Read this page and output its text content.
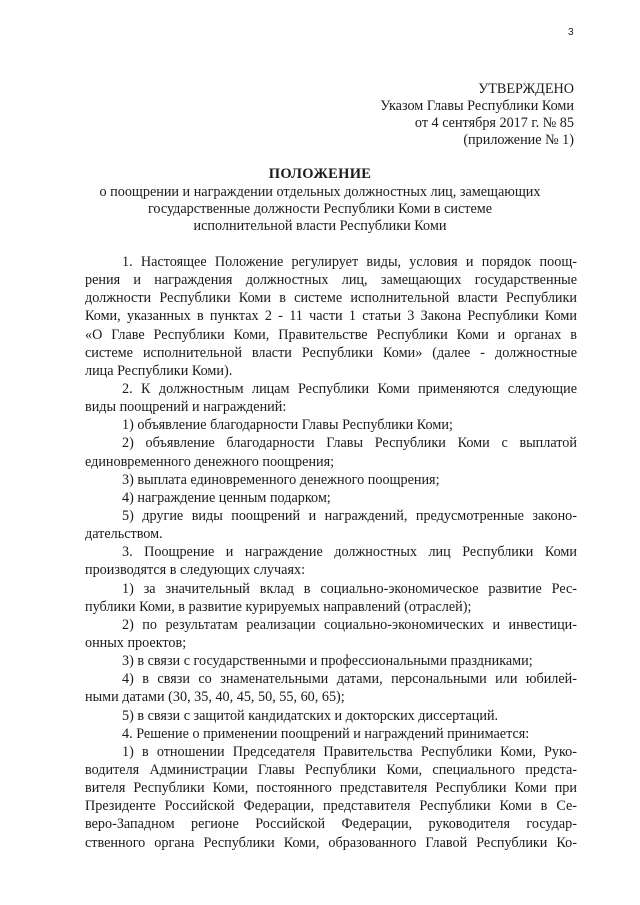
3
УТВЕРЖДЕНО
Указом Главы Республики Коми
от 4 сентября 2017 г. № 85
(приложение № 1)
ПОЛОЖЕНИЕ
о поощрении и награждении отдельных должностных лиц, замещающих
государственные должности Республики Коми в системе
исполнительной власти Республики Коми
1. Настоящее Положение регулирует виды, условия и порядок поощ-
рения и награждения должностных лиц, замещающих государственные
должности Республики Коми в системе исполнительной власти Республики
Коми, указанных в пунктах 2 - 11 части 1 статьи 3 Закона Республики Коми
«О Главе Республики Коми, Правительстве Республики Коми и органах в
системе исполнительной власти Республики Коми» (далее - должностные
лица Республики Коми).
2. К должностным лицам Республики Коми применяются следующие
виды поощрений и награждений:
1) объявление благодарности Главы Республики Коми;
2) объявление благодарности Главы Республики Коми с выплатой
единовременного денежного поощрения;
3) выплата единовременного денежного поощрения;
4) награждение ценным подарком;
5) другие виды поощрений и награждений, предусмотренные законо-
дательством.
3. Поощрение и награждение должностных лиц Республики Коми
производятся в следующих случаях:
1) за значительный вклад в социально-экономическое развитие Рес-
публики Коми, в развитие курируемых направлений (отраслей);
2) по результатам реализации социально-экономических и инвестици-
онных проектов;
3) в связи с государственными и профессиональными праздниками;
4) в связи со знаменательными датами, персональными или юбилей-
ными датами (30, 35, 40, 45, 50, 55, 60, 65);
5) в связи с защитой кандидатских и докторских диссертаций.
4. Решение о применении поощрений и награждений принимается:
1) в отношении Председателя Правительства Республики Коми, Руко-
водителя Администрации Главы Республики Коми, специального предста-
вителя Республики Коми, постоянного представителя Республики Коми при
Президенте Российской Федерации, представителя Республики Коми в Се-
веро-Западном регионе Российской Федерации, руководителя государ-
ственного органа Республики Коми, образованного Главой Республики Ко-
